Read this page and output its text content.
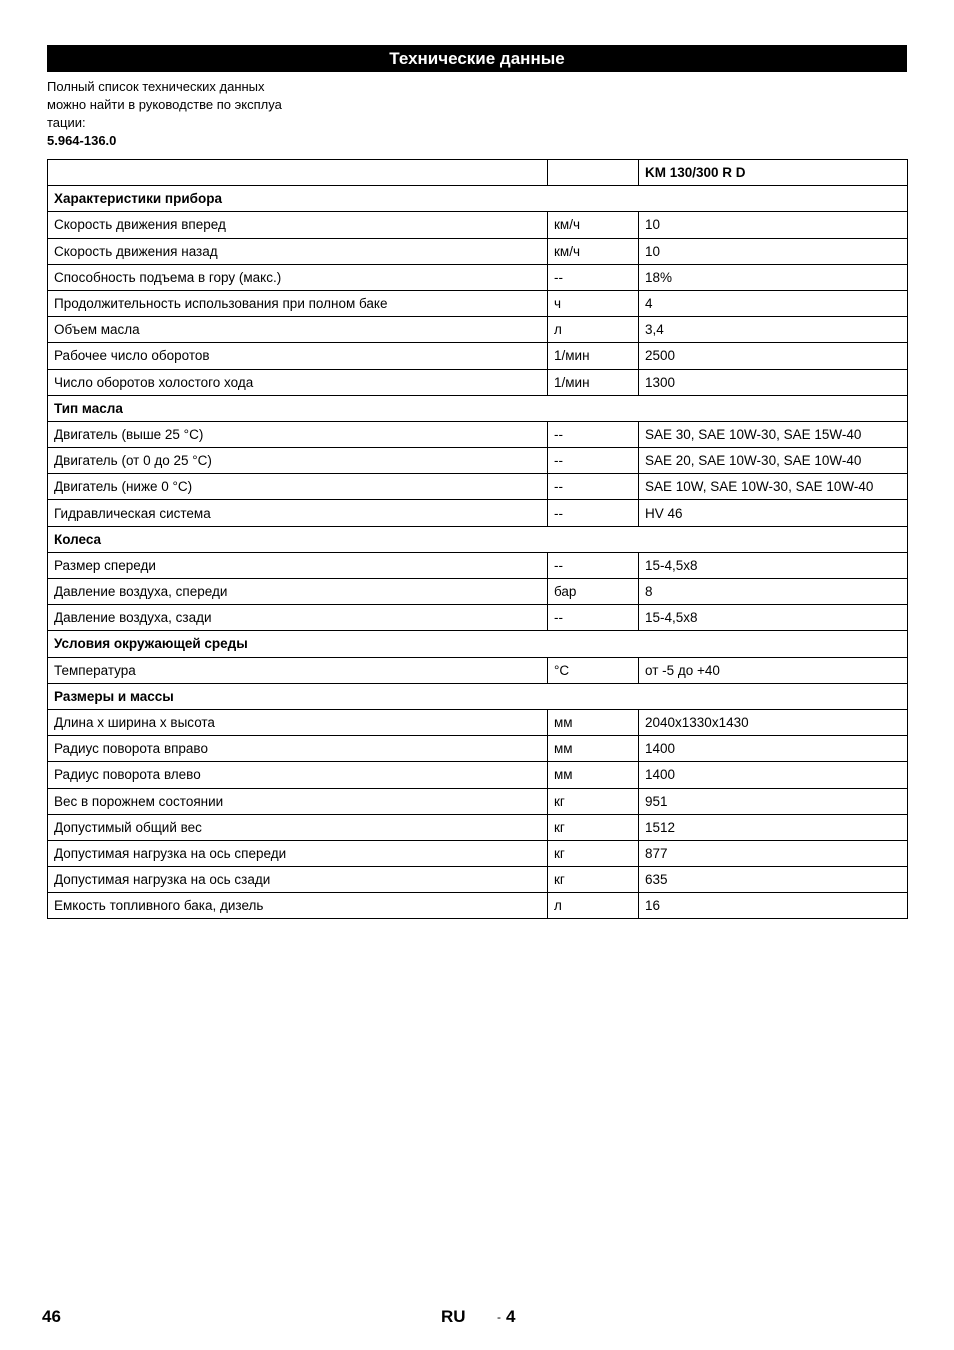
Технические данные
Полный список технических данных
можно найти в руководстве по эксплуа
тации:
5.964-136.0
		KM 130/300 R D
Характеристики прибора		
Скорость движения вперед	км/ч	10
Скорость движения назад	км/ч	10
Способность подъема в гору (макс.)	--	18%
Продолжительность использования при полном баке	ч	4
Объем масла	л	3,4
Рабочее число оборотов	1/мин	2500
Число оборотов холостого хода	1/мин	1300
Тип масла		
Двигатель (выше 25 °C)	--	SAE 30, SAE 10W-30, SAE 15W-40
Двигатель (от 0 до 25 °C)	--	SAE 20, SAE 10W-30, SAE 10W-40
Двигатель (ниже 0 °C)	--	SAE 10W, SAE 10W-30, SAE 10W-40
Гидравлическая система	--	HV 46
Колеса		
Размер спереди	--	15-4,5x8
Давление воздуха, спереди	бар	8
Давление воздуха, сзади	--	15-4,5x8
Условия окружающей среды		
Температура	°C	от -5 до +40
Размеры и массы		
Длина х ширина х высота	мм	2040x1330x1430
Радиус поворота вправо	мм	1400
Радиус поворота влево	мм	1400
Вес в порожнем состоянии	кг	951
Допустимый общий вес	кг	1512
Допустимая нагрузка на ось спереди	кг	877
Допустимая нагрузка на ось сзади	кг	635
Емкость топливного бака, дизель	л	16
46	RU	- 4
